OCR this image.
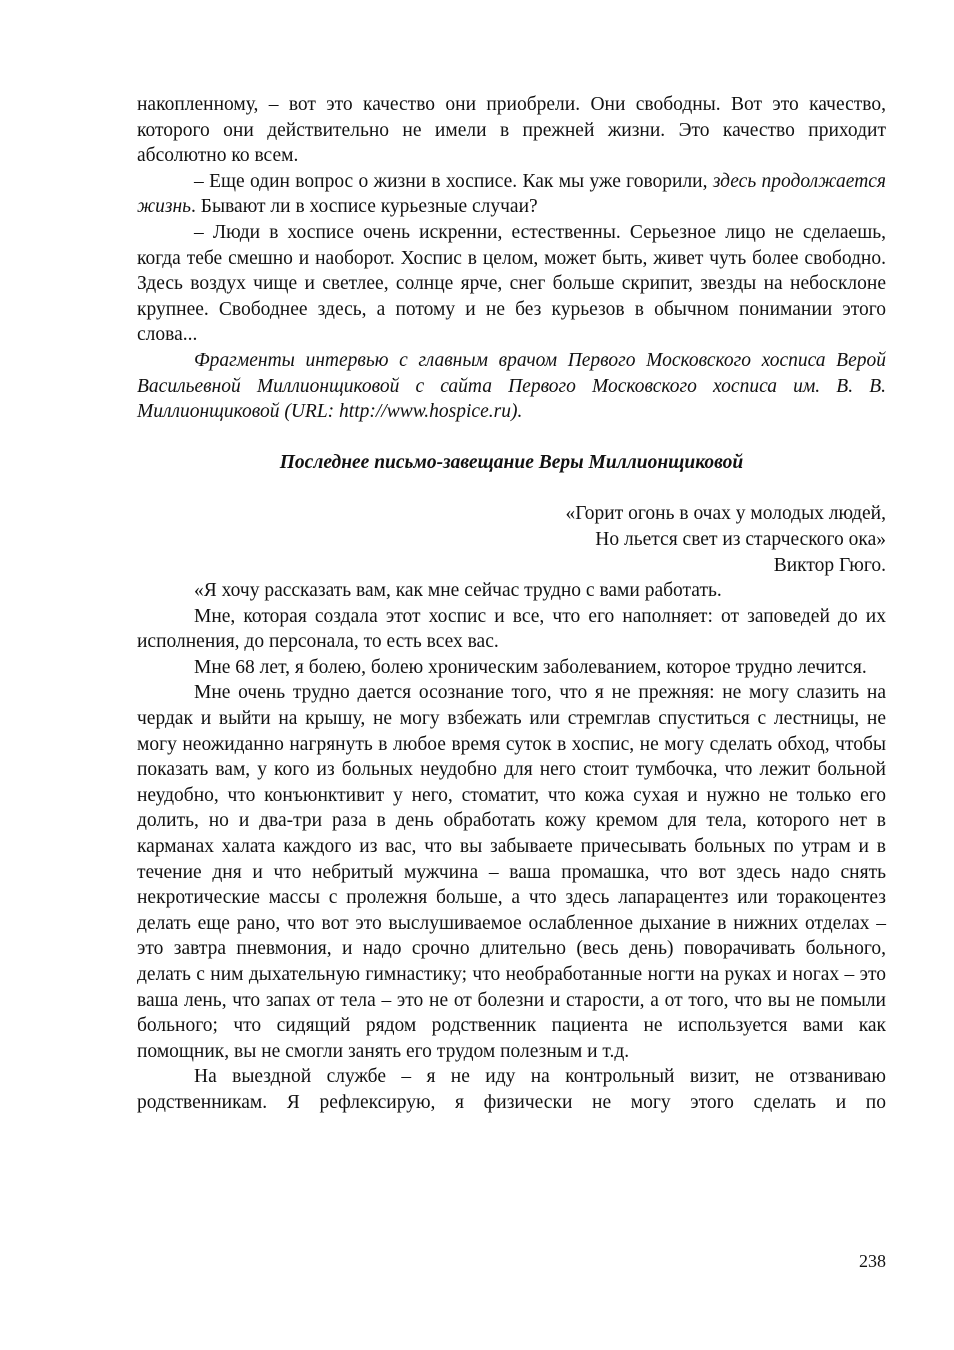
накопленному, – вот это качество они приобрели. Они свободны. Вот это качество, которого они действительно не имели в прежней жизни. Это качество приходит абсолютно ко всем.

– Еще один вопрос о жизни в хосписе. Как мы уже говорили, здесь продолжается жизнь. Бывают ли в хосписе курьезные случаи?

– Люди в хосписе очень искренни, естественны. Серьезное лицо не сделаешь, когда тебе смешно и наоборот. Хоспис в целом, может быть, живет чуть более свободно. Здесь воздух чище и светлее, солнце ярче, снег больше скрипит, звезды на небосклоне крупнее. Свободнее здесь, а потому и не без курьезов в обычном понимании этого слова...

Фрагменты интервью с главным врачом Первого Московского хосписа Верой Васильевной Миллионщиковой с сайта Первого Московского хосписа им. В. В. Миллионщиковой (URL: http://www.hospice.ru).

Последнее письмо-завещание Веры Миллионщиковой

«Горит огонь в очах у молодых людей,

Но льется свет из старческого ока»

Виктор Гюго.

«Я хочу рассказать вам, как мне сейчас трудно с вами работать.

Мне, которая создала этот хоспис и все, что его наполняет: от заповедей до их исполнения, до персонала, то есть всех вас.

Мне 68 лет, я болею, болею хроническим заболеванием, которое трудно лечится.

Мне очень трудно дается осознание того, что я не прежняя: не могу слазить на чердак и выйти на крышу, не могу взбежать или стремглав спуститься с лестницы, не могу неожиданно нагрянуть в любое время суток в хоспис, не могу сделать обход, чтобы показать вам, у кого из больных неудобно для него стоит тумбочка, что лежит больной неудобно, что конъюнктивит у него, стоматит, что кожа сухая и нужно не только его долить, но и два-три раза в день обработать кожу кремом для тела, которого нет в карманах халата каждого из вас, что вы забываете причесывать больных по утрам и в течение дня и что небритый мужчина – ваша промашка, что вот здесь надо снять некротические массы с пролежня больше, а что здесь лапарацентез или торакоцентез делать еще рано, что вот это выслушиваемое ослабленное дыхание в нижних отделах – это завтра пневмония, и надо срочно длительно (весь день) поворачивать больного, делать с ним дыхательную гимнастику; что необработанные ногти на руках и ногах – это ваша лень, что запах от тела – это не от болезни и старости, а от того, что вы не помыли больного; что сидящий рядом родственник пациента не используется вами как помощник, вы не смогли занять его трудом полезным и т.д.

На выездной службе – я не иду на контрольный визит, не отзваниваю родственникам. Я рефлексирую, я физически не могу этого сделать и по

238
